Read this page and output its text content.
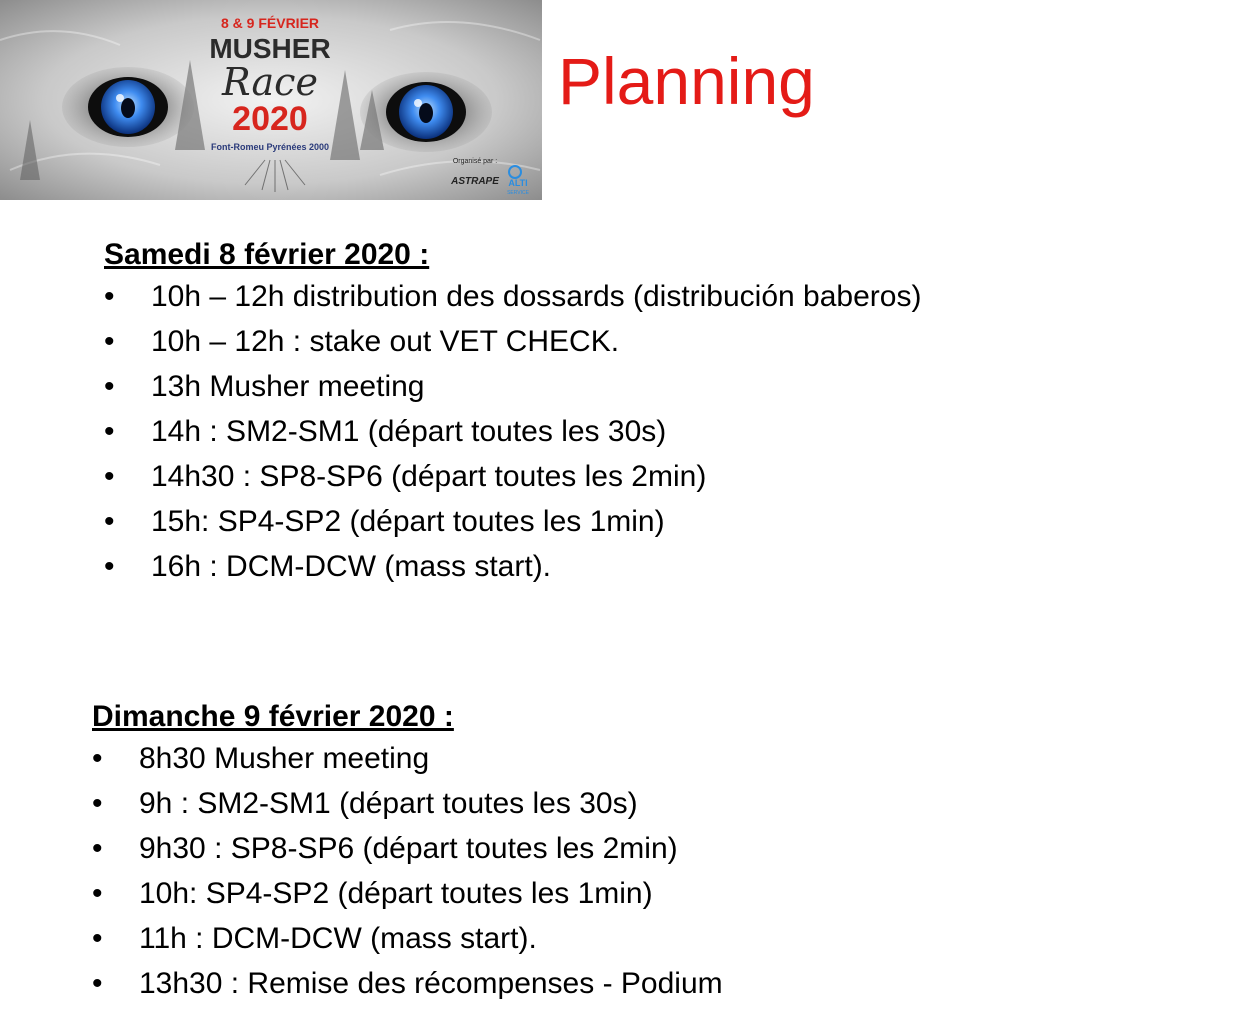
8 & 9 FÉVRIER
MUSHER
Race
2020
Font-Romeu Pyrénées 2000
Organisé par :
ASTRAPE ALTI
SERVICE
Planning
Samedi 8 février 2020 :
•	10h – 12h distribution des dossards (distribución baberos)
•	10h – 12h : stake out VET CHECK.
•	13h Musher meeting
•	14h : SM2-SM1 (départ toutes les 30s)
•	14h30 : SP8-SP6 (départ toutes les 2min)
•	15h: SP4-SP2 (départ toutes les 1min)
•	16h : DCM-DCW (mass start).
Dimanche 9 février 2020 :
•	8h30 Musher meeting
•	9h : SM2-SM1 (départ toutes les 30s)
•	9h30 : SP8-SP6 (départ toutes les 2min)
•	10h: SP4-SP2 (départ toutes les 1min)
•	11h : DCM-DCW (mass start).
•	13h30 : Remise des récompenses - Podium
